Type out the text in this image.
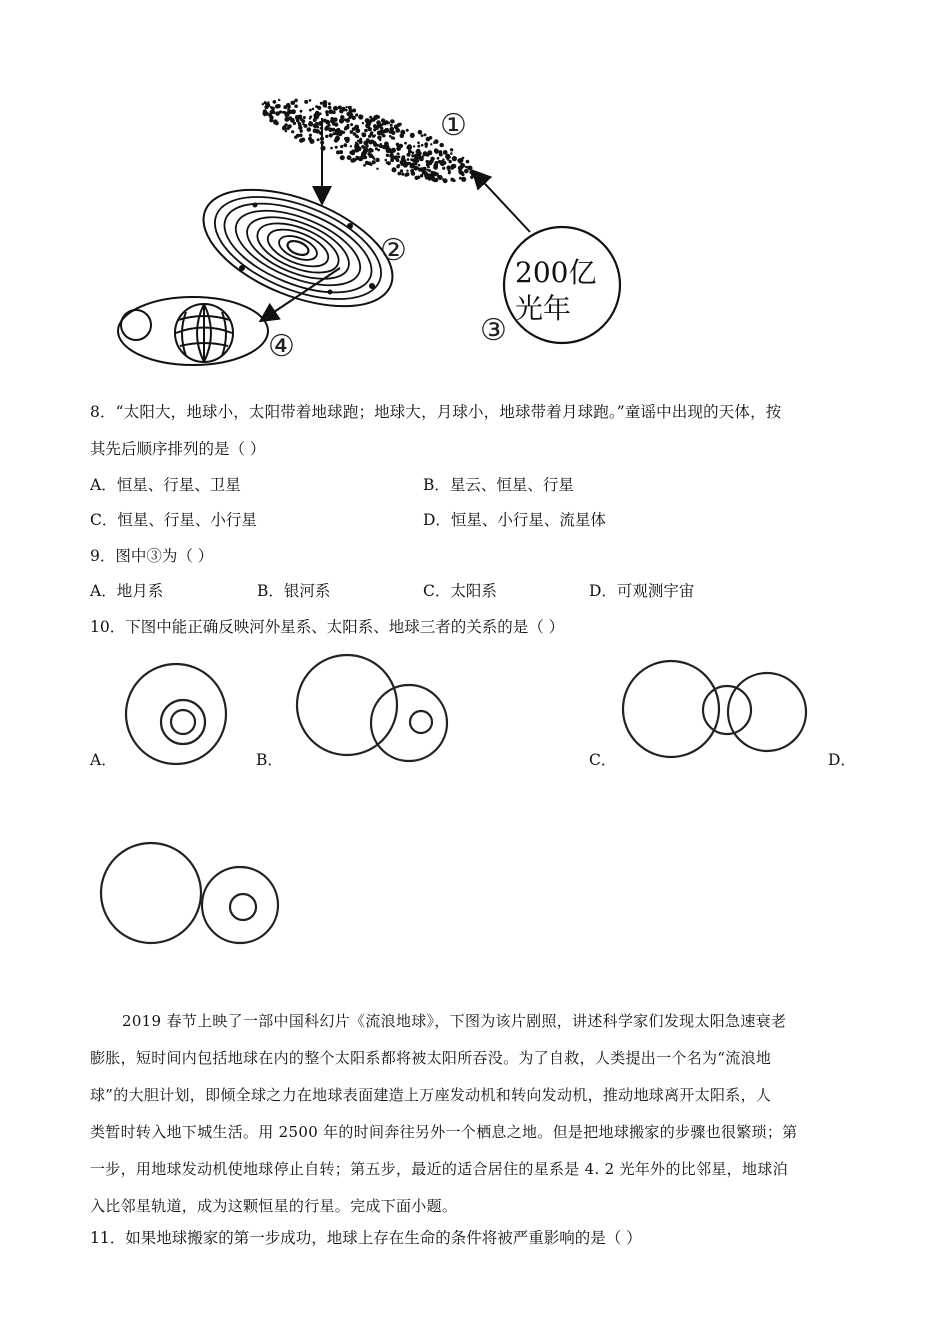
200亿
光年
①
②
③
④
8．“太阳大，地球小，太阳带着地球跑；地球大，月球小，地球带着月球跑。”童谣中出现的天体，按
其先后顺序排列的是（ ）
A．恒星、行星、卫星	B．星云、恒星、行星
C．恒星、行星、小行星	D．恒星、小行星、流星体
9．图中③为（ ）
A．地月系	B．银河系	C．太阳系	D．可观测宇宙
10．下图中能正确反映河外星系、太阳系、地球三者的关系的是（ ）
A．	B．	C．	D．
2019 春节上映了一部中国科幻片《流浪地球》，下图为该片剧照，讲述科学家们发现太阳急速衰老
膨胀，短时间内包括地球在内的整个太阳系都将被太阳所吞没。为了自救，人类提出一个名为“流浪地
球”的大胆计划，即倾全球之力在地球表面建造上万座发动机和转向发动机，推动地球离开太阳系，人
类暂时转入地下城生活。用 2500 年的时间奔往另外一个栖息之地。但是把地球搬家的步骤也很繁琐；第
一步，用地球发动机使地球停止自转；第五步，最近的适合居住的星系是 4. 2 光年外的比邻星，地球泊
入比邻星轨道，成为这颗恒星的行星。完成下面小题。
11．如果地球搬家的第一步成功，地球上存在生命的条件将被严重影响的是（ ）
